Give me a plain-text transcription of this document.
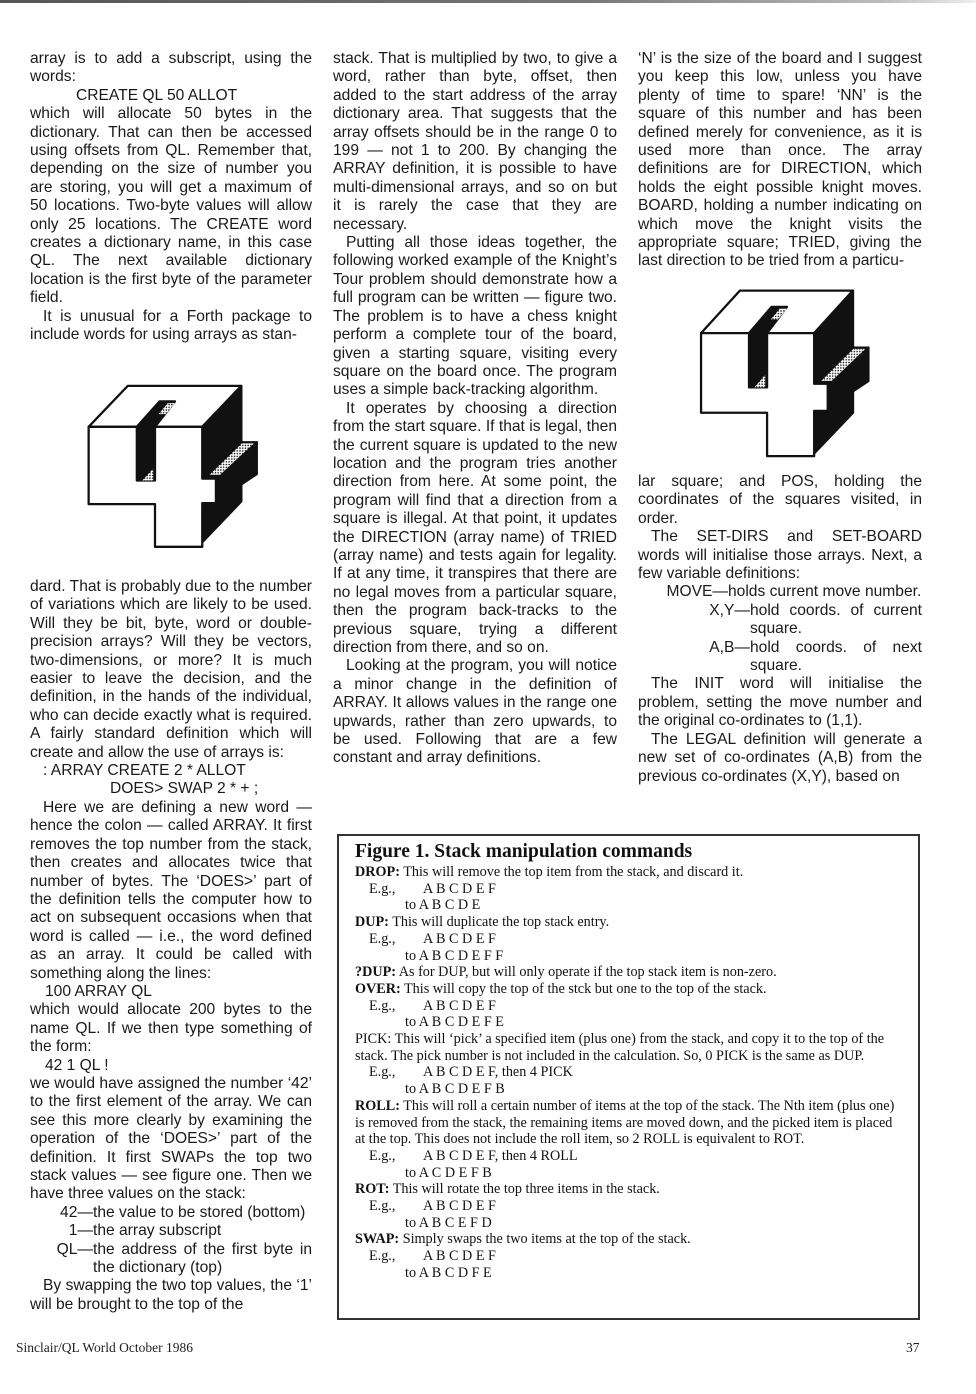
array is to add a subscript, using the words:

CREATE QL 50 ALLOT

which will allocate 50 bytes in the dictionary. That can then be accessed using offsets from QL. Remember that, depending on the size of number you are storing, you will get a maximum of 50 locations. Two-byte values will allow only 25 locations. The CREATE word creates a dictionary name, in this case QL. The next available dictionary location is the first byte of the parameter field.

It is unusual for a Forth package to include words for using arrays as stan-

dard. That is probably due to the number of variations which are likely to be used. Will they be bit, byte, word or double-precision arrays? Will they be vectors, two-dimensions, or more? It is much easier to leave the decision, and the definition, in the hands of the individual, who can decide exactly what is required. A fairly standard definition which will create and allow the use of arrays is:

: ARRAY CREATE 2 * ALLOT

DOES> SWAP 2 * + ;

Here we are defining a new word — hence the colon — called ARRAY. It first removes the top number from the stack, then creates and allocates twice that number of bytes. The ‘DOES>’ part of the definition tells the computer how to act on subsequent occasions when that word is called — i.e., the word defined as an array. It could be called with something along the lines:

100 ARRAY QL

which would allocate 200 bytes to the name QL. If we then type something of the form:

42 1 QL !

we would have assigned the number ‘42’ to the first element of the array. We can see this more clearly by examining the operation of the ‘DOES>’ part of the definition. It first SWAPs the top two stack values — see figure one. Then we have three values on the stack:

42— the value to be stored (bottom)
1— the array subscript
QL— the address of the first byte in the dictionary (top)

By swapping the two top values, the ‘1’ will be brought to the top of the

stack. That is multiplied by two, to give a word, rather than byte, offset, then added to the start address of the array dictionary area. That suggests that the array offsets should be in the range 0 to 199 — not 1 to 200. By changing the ARRAY definition, it is possible to have multi-dimensional arrays, and so on but it is rarely the case that they are necessary.

Putting all those ideas together, the following worked example of the Knight’s Tour problem should demonstrate how a full program can be written — figure two. The problem is to have a chess knight perform a complete tour of the board, given a starting square, visiting every square on the board once. The program uses a simple back-tracking algorithm.

It operates by choosing a direction from the start square. If that is legal, then the current square is updated to the new location and the program tries another direction from here. At some point, the program will find that a direction from a square is illegal. At that point, it updates the DIRECTION (array name) of TRIED (array name) and tests again for legality. If at any time, it transpires that there are no legal moves from a particular square, then the program back-tracks to the previous square, trying a different direction from there, and so on.

Looking at the program, you will notice a minor change in the definition of ARRAY. It allows values in the range one upwards, rather than zero upwards, to be used. Following that are a few constant and array definitions.

‘N’ is the size of the board and I suggest you keep this low, unless you have plenty of time to spare! ‘NN’ is the square of this number and has been defined merely for convenience, as it is used more than once. The array definitions are for DIRECTION, which holds the eight possible knight moves. BOARD, holding a number indicating on which move the knight visits the appropriate square; TRIED, giving the last direction to be tried from a particu-

lar square; and POS, holding the coordinates of the squares visited, in order.

The SET-DIRS and SET-BOARD words will initialise those arrays. Next, a few variable definitions:

MOVE— holds current move number.
X,Y— hold coords. of current square.
A,B— hold coords. of next square.

The INIT word will initialise the problem, setting the move number and the original co-ordinates to (1,1).

The LEGAL definition will generate a new set of co-ordinates (A,B) from the previous co-ordinates (X,Y), based on

Figure 1. Stack manipulation commands

DROP: This will remove the top item from the stack, and discard it.

E.g., A B C D E F
to A B C D E

DUP: This will duplicate the top stack entry.

E.g., A B C D E F
to A B C D E F F

?DUP: As for DUP, but will only operate if the top stack item is non-zero.

OVER: This will copy the top of the stck but one to the top of the stack.

E.g., A B C D E F
to A B C D E F E

PICK: This will ‘pick’ a specified item (plus one) from the stack, and copy it to the top of the stack. The pick number is not included in the calculation. So, 0 PICK is the same as DUP.

E.g., A B C D E F, then 4 PICK
to A B C D E F B

ROLL: This will roll a certain number of items at the top of the stack. The Nth item (plus one) is removed from the stack, the remaining items are moved down, and the picked item is placed at the top. This does not include the roll item, so 2 ROLL is equivalent to ROT.

E.g., A B C D E F, then 4 ROLL
to A C D E F B

ROT: This will rotate the top three items in the stack.

E.g., A B C D E F
to A B C E F D

SWAP: Simply swaps the two items at the top of the stack.

E.g., A B C D E F
to A B C D F E
Sinclair/QL World October 1986	37
